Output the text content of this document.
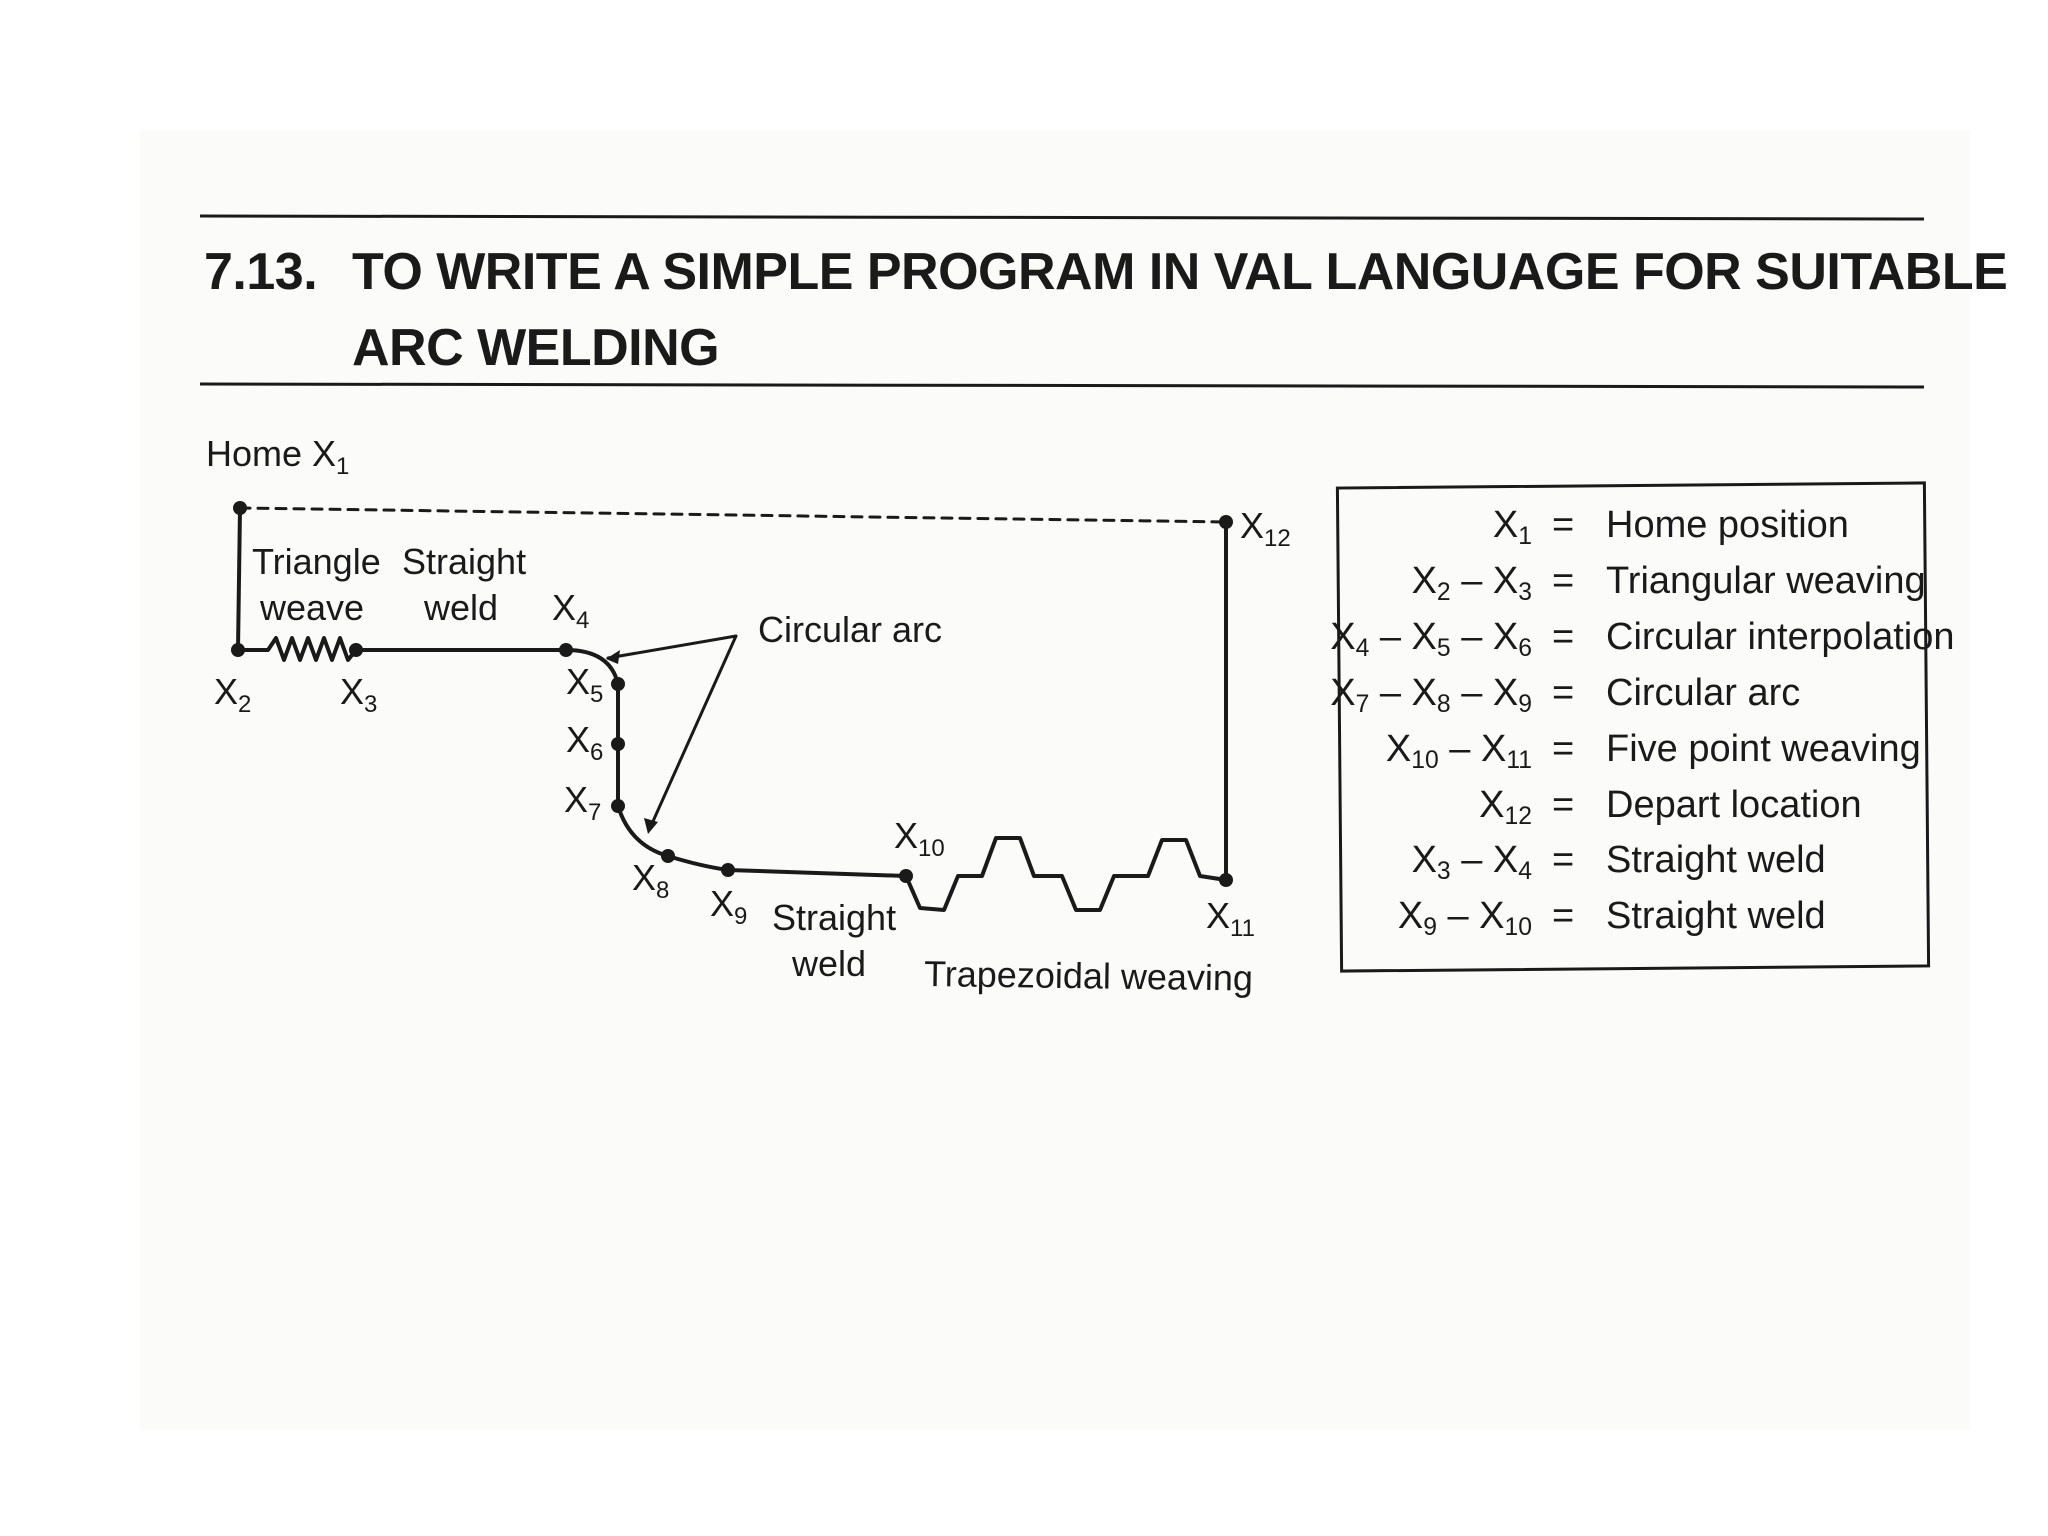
7.13. TO WRITE A SIMPLE PROGRAM IN VAL LANGUAGE FOR SUITABLE
ARC WELDING
Home $X_1$
Triangle
weave
Straight
weld
Circular arc
Straight
weld Trapezoidal weaving
$X_2$ $X_3$
$X_4$
$X_5$
$X_6$
$X_7$
$X_8$ $X_9$
$X_{10}$
$X_{11}$
$X_{12}$	$X_1$ = Home position
$X_2 - X_3$ = Triangular weaving
$X_4 - X_5 - X_6$ = Circular interpolation
$X_7 - X_8 - X_9$ = Circular arc
$X_{10} - X_{11}$ = Five point weaving
$X_{12}$ = Depart location
$X_3 - X_4$ = Straight weld
$X_9 - X_{10}$ = Straight weld
